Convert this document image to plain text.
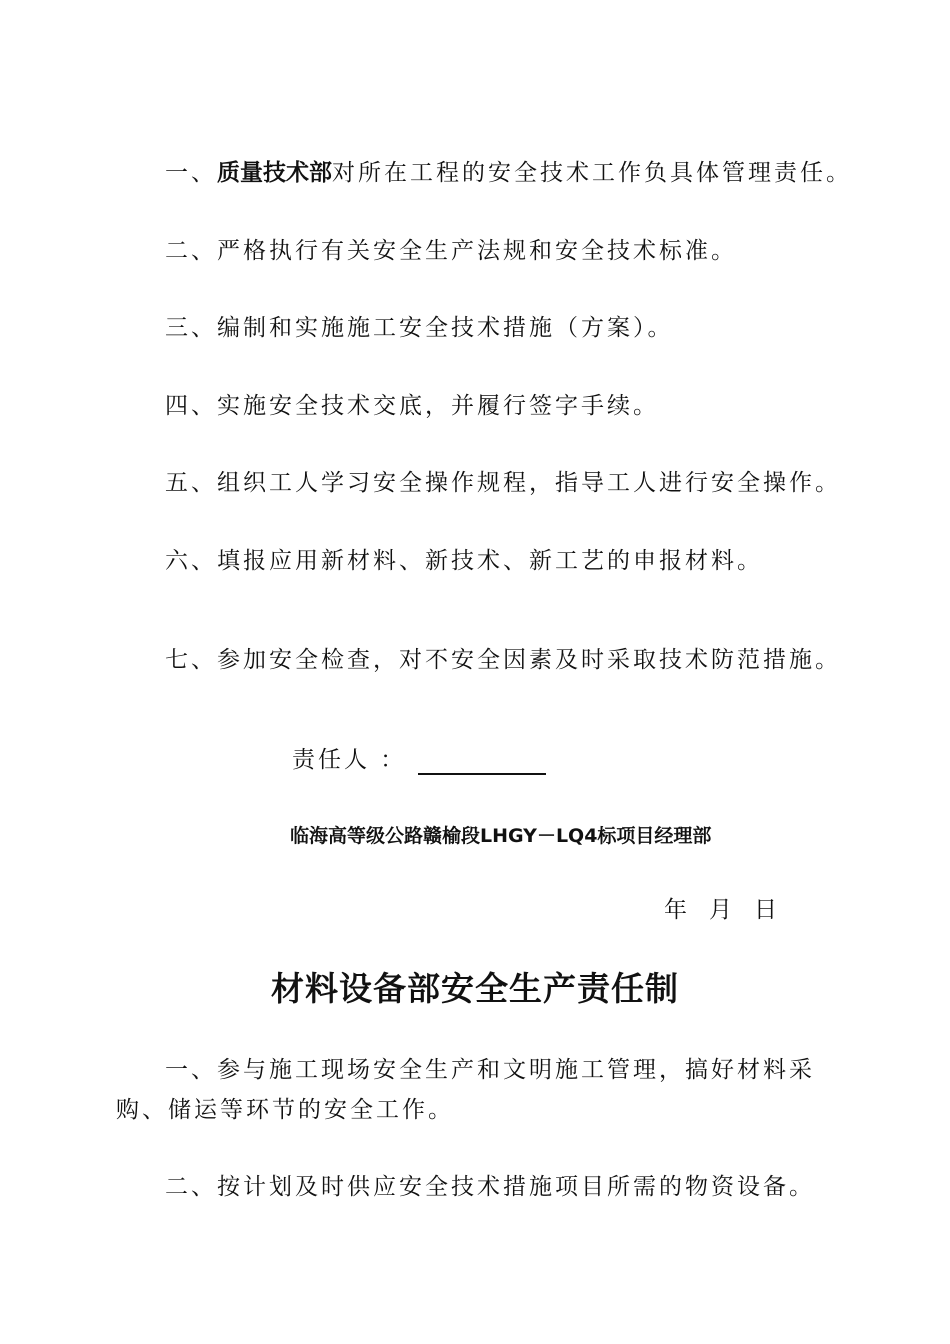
一、质量技术部对所在工程的安全技术工作负具体管理责任。
二、严格执行有关安全生产法规和安全技术标准。
三、编制和实施施工安全技术措施（方案）。
四、实施安全技术交底，并履行签字手续。
五、组织工人学习安全操作规程，指导工人进行安全操作。
六、填报应用新材料、新技术、新工艺的申报材料。
七、参加安全检查，对不安全因素及时采取技术防范措施。
责任人 ：
临海高等级公路赣榆段LHGY－LQ4标项目经理部
年 月 日
材料设备部安全生产责任制
一、参与施工现场安全生产和文明施工管理，搞好材料采购、储运等环节的安全工作。
二、按计划及时供应安全技术措施项目所需的物资设备。
